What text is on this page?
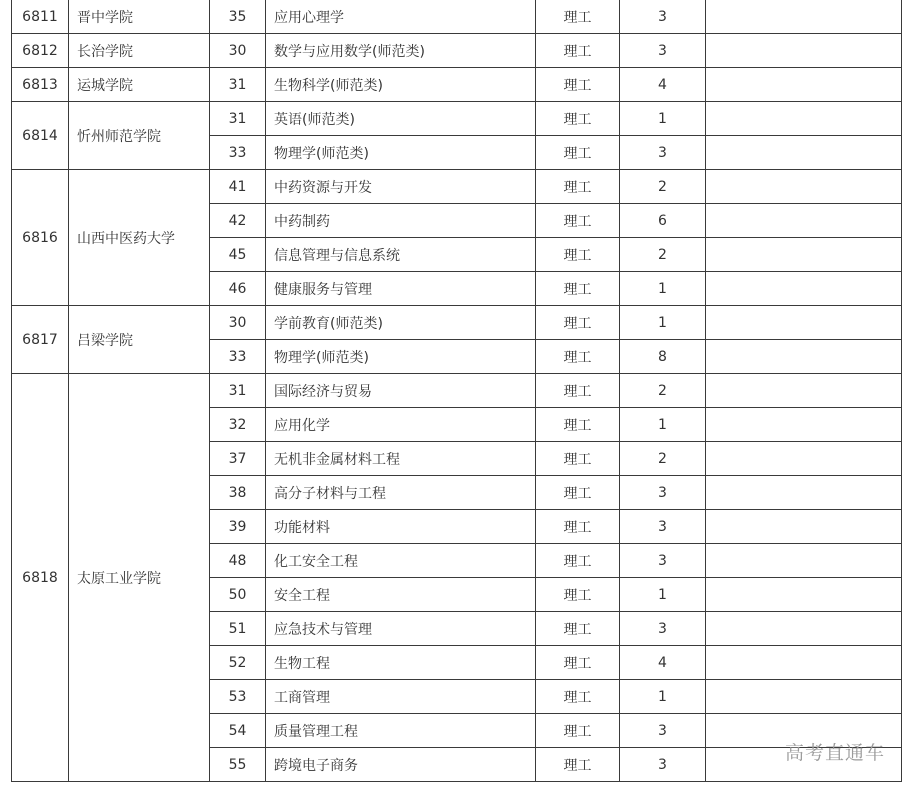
6811	晋中学院	35	应用心理学	理工	3	
6812	长治学院	30	数学与应用数学(师范类)	理工	3	
6813	运城学院	31	生物科学(师范类)	理工	4	
6814	忻州师范学院	31	英语(师范类)	理工	1	
		33	物理学(师范类)	理工	3	
6816	山西中医药大学	41	中药资源与开发	理工	2	
		42	中药制药	理工	6	
		45	信息管理与信息系统	理工	2	
		46	健康服务与管理	理工	1	
6817	吕梁学院	30	学前教育(师范类)	理工	1	
		33	物理学(师范类)	理工	8	
6818	太原工业学院	31	国际经济与贸易	理工	2	
		32	应用化学	理工	1	
		37	无机非金属材料工程	理工	2	
		38	高分子材料与工程	理工	3	
		39	功能材料	理工	3	
		48	化工安全工程	理工	3	
		50	安全工程	理工	1	
		51	应急技术与管理	理工	3	
		52	生物工程	理工	4	
		53	工商管理	理工	1	
		54	质量管理工程	理工	3	
		55	跨境电子商务	理工	3	
高考直通车
